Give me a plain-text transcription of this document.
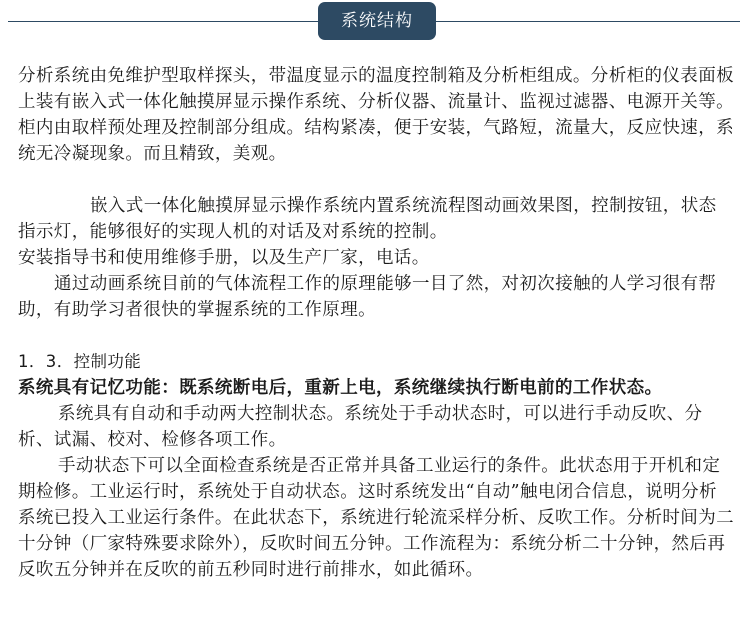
系统结构

分析系统由免维护型取样探头，带温度显示的温度控制箱及分析柜组成。分析柜的仪表面板上装有嵌入式一体化触摸屏显示操作系统、分析仪器、流量计、监视过滤器、电源开关等。柜内由取样预处理及控制部分组成。结构紧凑，便于安装，气路短，流量大，反应快速，系统无冷凝现象。而且精致，美观。

嵌入式一体化触摸屏显示操作系统内置系统流程图动画效果图，控制按钮，状态指示灯，能够很好的实现人机的对话及对系统的控制。

安装指导书和使用维修手册，以及生产厂家，电话。

通过动画系统目前的气体流程工作的原理能够一目了然，对初次接触的人学习很有帮助，有助学习者很快的掌握系统的工作原理。

1．3．控制功能

系统具有记忆功能：既系统断电后，重新上电，系统继续执行断电前的工作状态。

系统具有自动和手动两大控制状态。系统处于手动状态时，可以进行手动反吹、分析、试漏、校对、检修各项工作。

手动状态下可以全面检查系统是否正常并具备工业运行的条件。此状态用于开机和定期检修。工业运行时，系统处于自动状态。这时系统发出“自动”触电闭合信息，说明分析系统已投入工业运行条件。在此状态下，系统进行轮流采样分析、反吹工作。分析时间为二十分钟（厂家特殊要求除外），反吹时间五分钟。工作流程为：系统分析二十分钟，然后再反吹五分钟并在反吹的前五秒同时进行前排水，如此循环。
